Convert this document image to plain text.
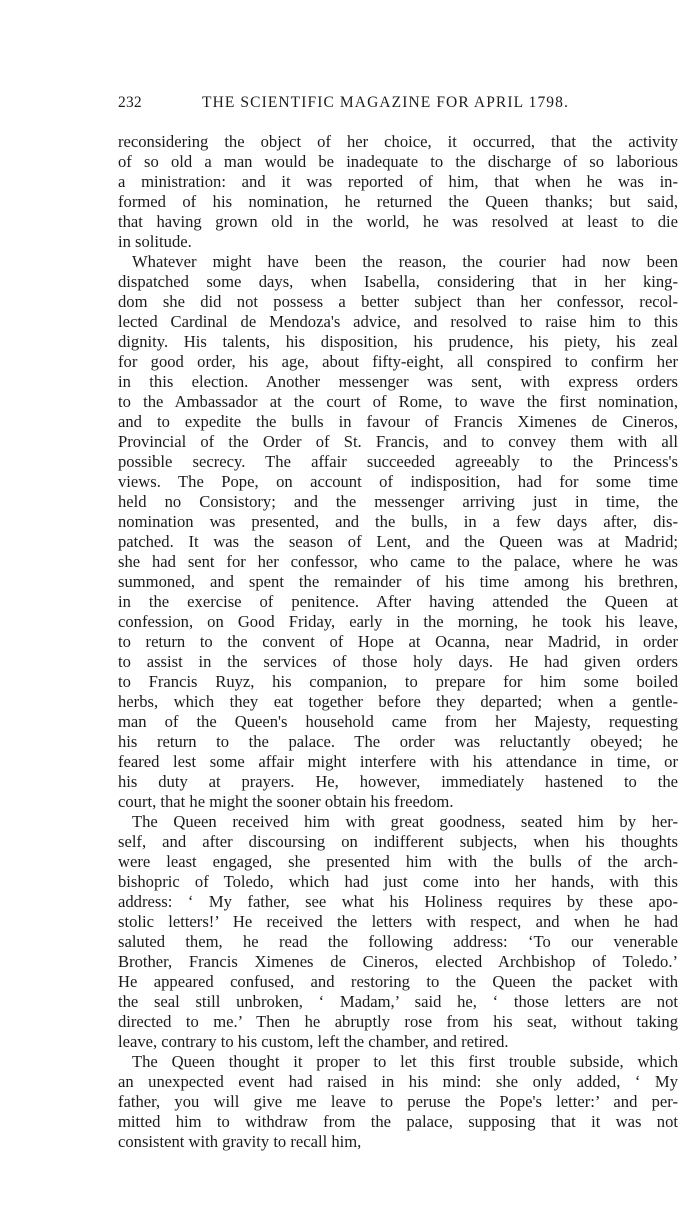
232	THE SCIENTIFIC MAGAZINE FOR APRIL 1798.
reconsidering the object of her choice, it occurred, that the activity
of so old a man would be inadequate to the discharge of so laborious
a ministration: and it was reported of him, that when he was in-
formed of his nomination, he returned the Queen thanks; but said,
that having grown old in the world, he was resolved at least to die
in solitude.
Whatever might have been the reason, the courier had now been
dispatched some days, when Isabella, considering that in her king-
dom she did not possess a better subject than her confessor, recol-
lected Cardinal de Mendoza's advice, and resolved to raise him to this
dignity. His talents, his disposition, his prudence, his piety, his zeal
for good order, his age, about fifty-eight, all conspired to confirm her
in this election. Another messenger was sent, with express orders
to the Ambassador at the court of Rome, to wave the first nomination,
and to expedite the bulls in favour of Francis Ximenes de Cineros,
Provincial of the Order of St. Francis, and to convey them with all
possible secrecy. The affair succeeded agreeably to the Princess's
views. The Pope, on account of indisposition, had for some time
held no Consistory; and the messenger arriving just in time, the
nomination was presented, and the bulls, in a few days after, dis-
patched. It was the season of Lent, and the Queen was at Madrid;
she had sent for her confessor, who came to the palace, where he was
summoned, and spent the remainder of his time among his brethren,
in the exercise of penitence. After having attended the Queen at
confession, on Good Friday, early in the morning, he took his leave,
to return to the convent of Hope at Ocanna, near Madrid, in order
to assist in the services of those holy days. He had given orders
to Francis Ruyz, his companion, to prepare for him some boiled
herbs, which they eat together before they departed; when a gentle-
man of the Queen's household came from her Majesty, requesting
his return to the palace. The order was reluctantly obeyed; he
feared lest some affair might interfere with his attendance in time, or
his duty at prayers. He, however, immediately hastened to the
court, that he might the sooner obtain his freedom.
The Queen received him with great goodness, seated him by her-
self, and after discoursing on indifferent subjects, when his thoughts
were least engaged, she presented him with the bulls of the arch-
bishopric of Toledo, which had just come into her hands, with this
address: ‘ My father, see what his Holiness requires by these apo-
stolic letters!’ He received the letters with respect, and when he had
saluted them, he read the following address: ‘To our venerable
Brother, Francis Ximenes de Cineros, elected Archbishop of Toledo.’
He appeared confused, and restoring to the Queen the packet with
the seal still unbroken, ‘ Madam,’ said he, ‘ those letters are not
directed to me.’ Then he abruptly rose from his seat, without taking
leave, contrary to his custom, left the chamber, and retired.
The Queen thought it proper to let this first trouble subside, which
an unexpected event had raised in his mind: she only added, ‘ My
father, you will give me leave to peruse the Pope's letter:’ and per-
mitted him to withdraw from the palace, supposing that it was not
consistent with gravity to recall him,
